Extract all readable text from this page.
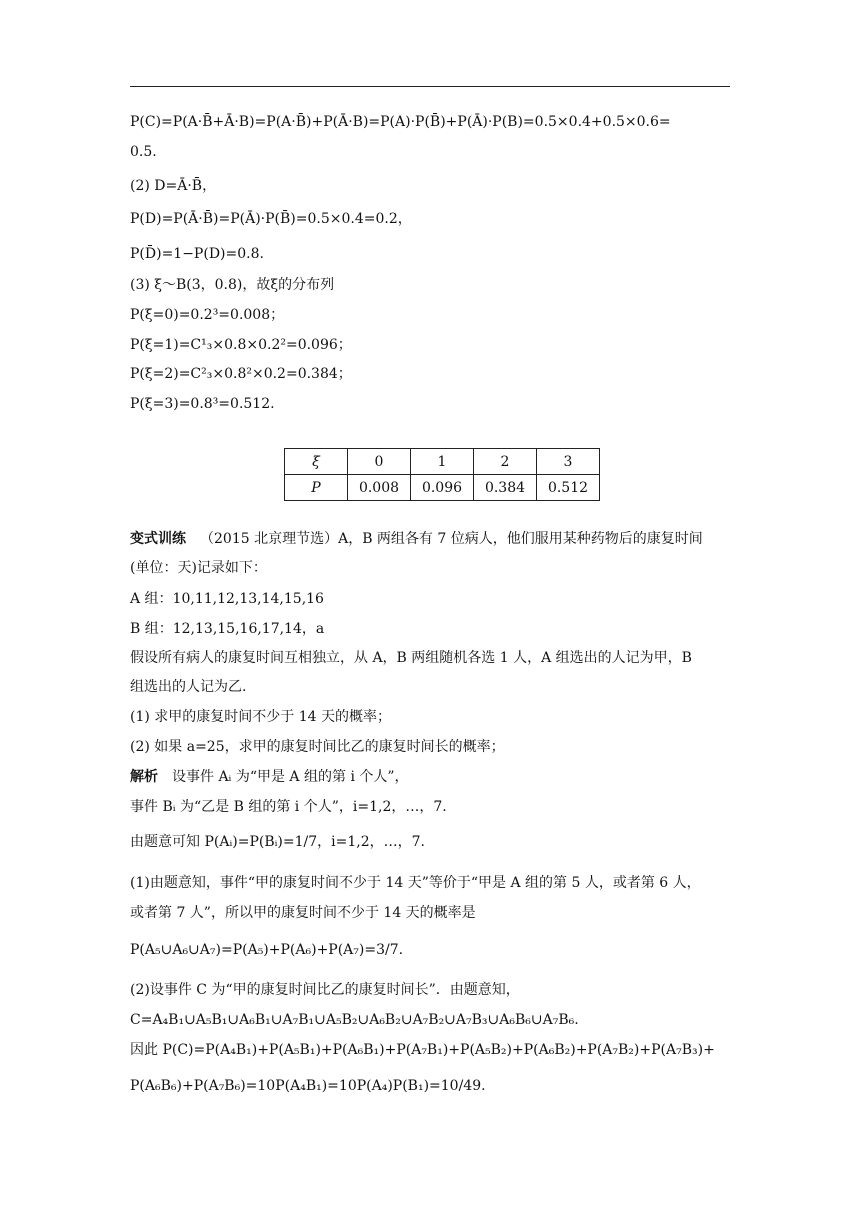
P(C)=P(A·B̄+Ā·B)=P(A·B̄)+P(Ā·B)=P(A)·P(B̄)+P(Ā)·P(B)=0.5×0.4+0.5×0.6=
0.5.
(2) D=Ā·B̄，
P(D)=P(Ā·B̄)=P(Ā)·P(B̄)=0.5×0.4=0.2，
P(D̄)=1−P(D)=0.8.
(3) ξ～B(3，0.8)，故ξ的分布列
P(ξ=0)=0.2³=0.008；
P(ξ=1)=C¹₃×0.8×0.2²=0.096；
P(ξ=2)=C²₃×0.8²×0.2=0.384；
P(ξ=3)=0.8³=0.512.
ξ	0	1	2	3
P	0.008	0.096	0.384	0.512
变式训练 （2015 北京理节选）A，B 两组各有 7 位病人，他们服用某种药物后的康复时间
(单位：天)记录如下：
A 组：10,11,12,13,14,15,16
B 组：12,13,15,16,17,14，a
假设所有病人的康复时间互相独立，从 A，B 两组随机各选 1 人，A 组选出的人记为甲，B
组选出的人记为乙.
(1) 求甲的康复时间不少于 14 天的概率；
(2) 如果 a=25，求甲的康复时间比乙的康复时间长的概率；
解析 设事件 Aᵢ 为“甲是 A 组的第 i 个人”，
事件 Bᵢ 为“乙是 B 组的第 i 个人”，i=1,2，…，7.
由题意可知 P(Aᵢ)=P(Bᵢ)=1/7，i=1,2，…，7.
(1)由题意知，事件“甲的康复时间不少于 14 天”等价于“甲是 A 组的第 5 人，或者第 6 人，
或者第 7 人”，所以甲的康复时间不少于 14 天的概率是
P(A₅∪A₆∪A₇)=P(A₅)+P(A₆)+P(A₇)=3/7.
(2)设事件 C 为“甲的康复时间比乙的康复时间长”．由题意知，
C=A₄B₁∪A₅B₁∪A₆B₁∪A₇B₁∪A₅B₂∪A₆B₂∪A₇B₂∪A₇B₃∪A₆B₆∪A₇B₆.
因此 P(C)=P(A₄B₁)+P(A₅B₁)+P(A₆B₁)+P(A₇B₁)+P(A₅B₂)+P(A₆B₂)+P(A₇B₂)+P(A₇B₃)+
P(A₆B₆)+P(A₇B₆)=10P(A₄B₁)=10P(A₄)P(B₁)=10/49.
